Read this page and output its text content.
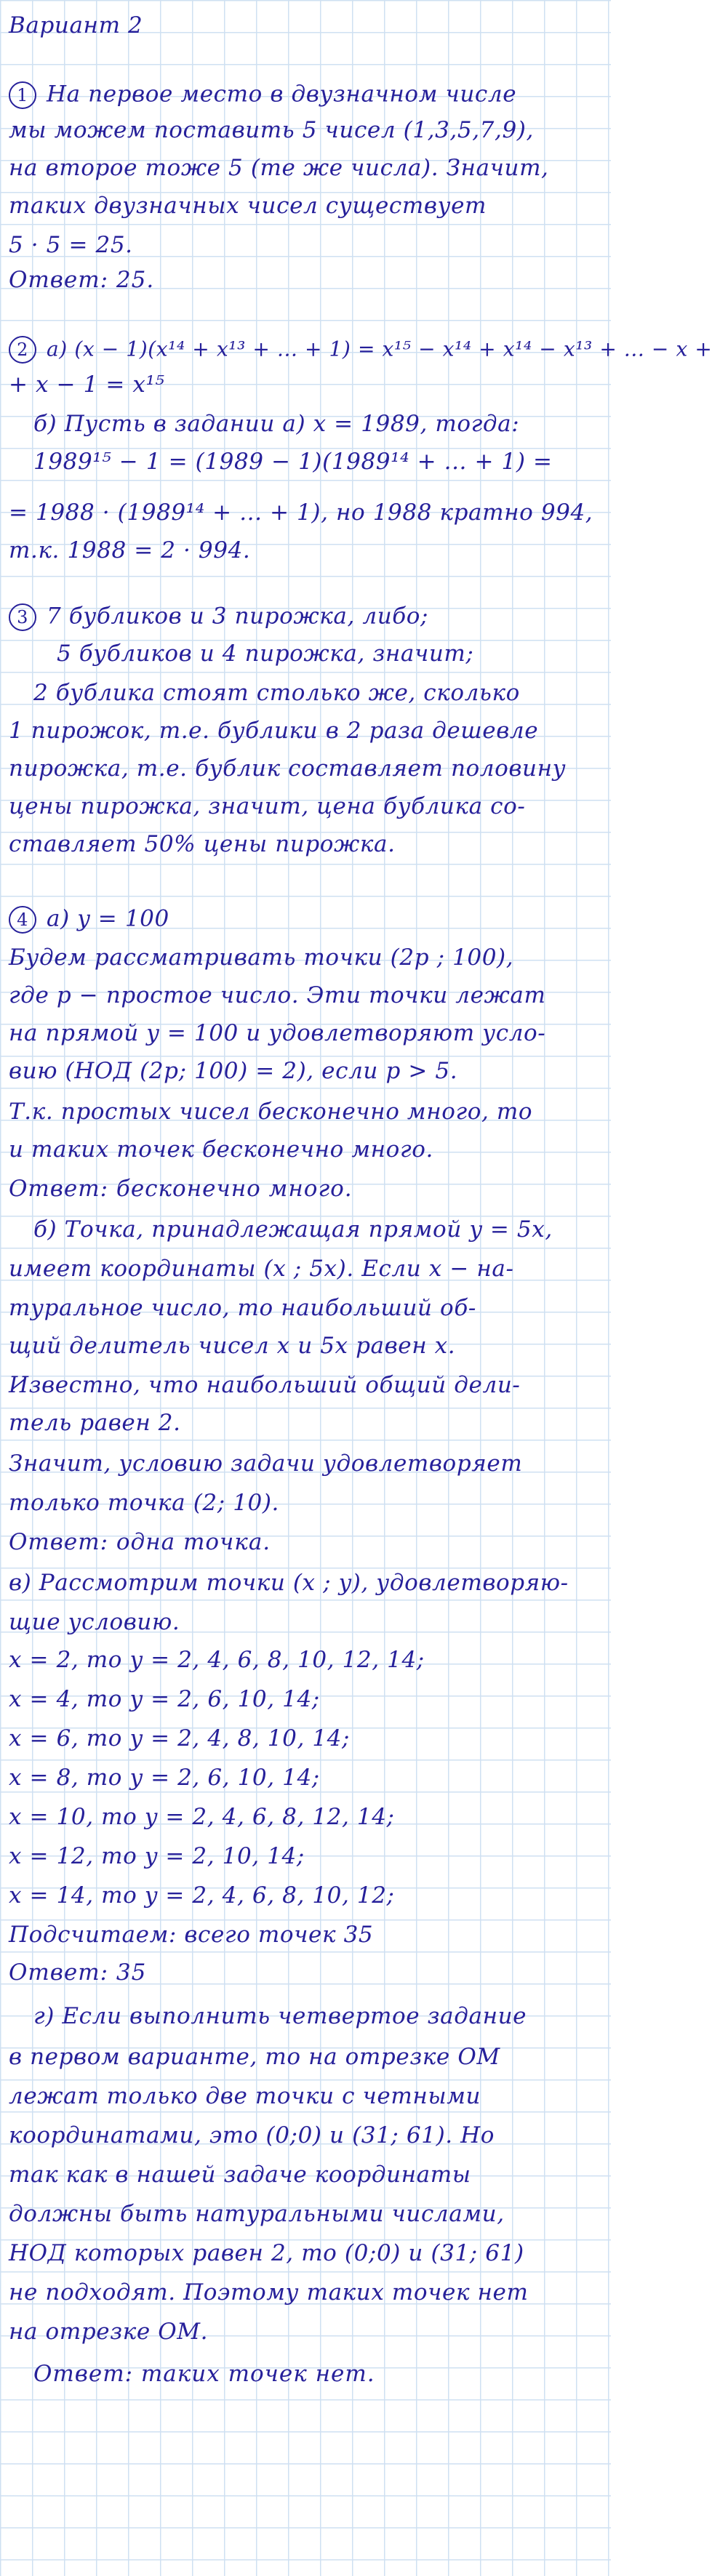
Вариант 2
1 На первое место в двузначном числе
мы можем поставить 5 чисел (1,3,5,7,9),
на второе тоже 5 (те же числа). Значит,
таких двузначных чисел существует
5 · 5 = 25.
Ответ: 25.
2 а) (x − 1)(x¹⁴ + x¹³ + ... + 1) = x¹⁵ − x¹⁴ + x¹⁴ − x¹³ + ... − x +
+ x − 1 = x¹⁵
б) Пусть в задании а) x = 1989, тогда:
1989¹⁵ − 1 = (1989 − 1)(1989¹⁴ + ... + 1) =
= 1988 · (1989¹⁴ + ... + 1), но 1988 кратно 994,
т.к. 1988 = 2 · 994.
3 7 бубликов и 3 пирожка, либо;
5 бубликов и 4 пирожка, значит;
2 бублика стоят столько же, сколько
1 пирожок, т.е. бублики в 2 раза дешевле
пирожка, т.е. бублик составляет половину
цены пирожка, значит, цена бублика со-
ставляет 50% цены пирожка.
4 а) y = 100
Будем рассматривать точки (2p ; 100),
где p − простое число. Эти точки лежат
на прямой y = 100 и удовлетворяют усло-
вию (НОД (2p; 100) = 2), если p > 5.
Т.к. простых чисел бесконечно много, то
и таких точек бесконечно много.
Ответ: бесконечно много.
б) Точка, принадлежащая прямой y = 5x,
имеет координаты (x ; 5x). Если x − на-
туральное число, то наибольший об-
щий делитель чисел x и 5x равен x.
Известно, что наибольший общий дели-
тель равен 2.
Значит, условию задачи удовлетворяет
только точка (2; 10).
Ответ: одна точка.
в) Рассмотрим точки (x ; y), удовлетворяю-
щие условию.
x = 2, то y = 2, 4, 6, 8, 10, 12, 14;
x = 4, то y = 2, 6, 10, 14;
x = 6, то y = 2, 4, 8, 10, 14;
x = 8, то y = 2, 6, 10, 14;
x = 10, то y = 2, 4, 6, 8, 12, 14;
x = 12, то y = 2, 10, 14;
x = 14, то y = 2, 4, 6, 8, 10, 12;
Подсчитаем: всего точек 35
Ответ: 35
г) Если выполнить четвертое задание
в первом варианте, то на отрезке OM
лежат только две точки с четными
координатами, это (0;0) и (31; 61). Но
так как в нашей задаче координаты
должны быть натуральными числами,
НОД которых равен 2, то (0;0) и (31; 61)
не подходят. Поэтому таких точек нет
на отрезке OM.
Ответ: таких точек нет.
